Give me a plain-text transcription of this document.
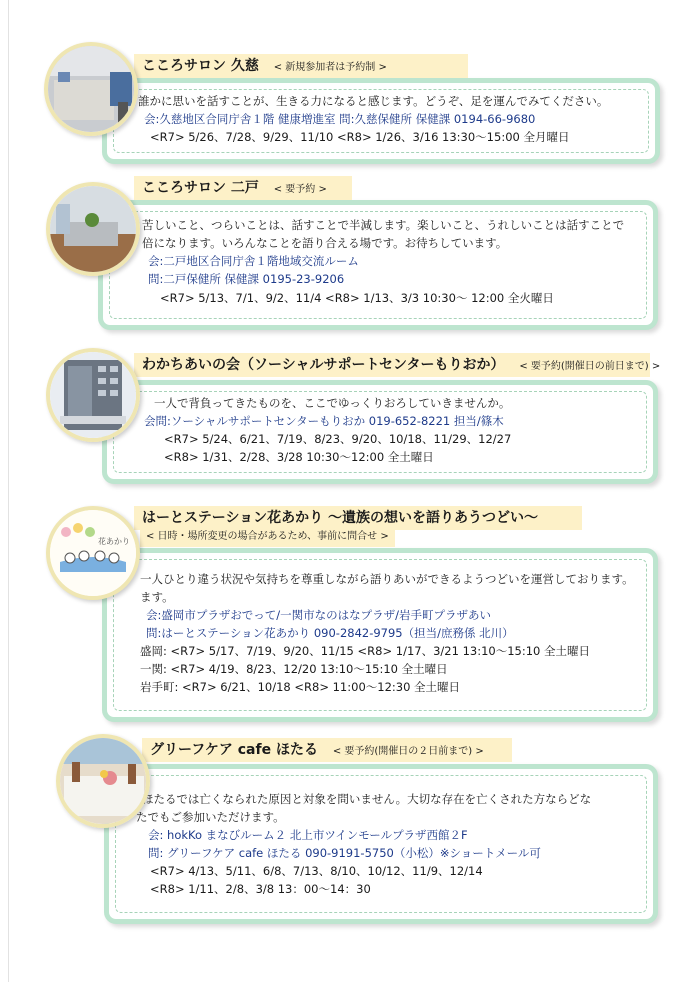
こころサロン 久慈 < 新規参加者は予約制 >
誰かに思いを話すことが、生きる力になると感じます。どうぞ、足を運んでみてください。
会:久慈地区合同庁舎１階 健康増進室 問:久慈保健所 保健課 0194-66-9680
<R7> 5/26、7/28、9/29、11/10 <R8> 1/26、3/16 13:30～15:00 全月曜日
こころサロン 二戸 < 要予約 >
苦しいこと、つらいことは、話すことで半減します。楽しいこと、うれしいことは話すことで
倍になります。いろんなことを語り合える場です。お待ちしています。
会:二戸地区合同庁舎１階地域交流ルーム
問:二戸保健所 保健課 0195-23-9206
<R7> 5/13、7/1、9/2、11/4 <R8> 1/13、3/3 10:30～ 12:00 全火曜日
わかちあいの会（ソーシャルサポートセンターもりおか） < 要予約(開催日の前日まで) >
一人で背負ってきたものを、ここでゆっくりおろしていきませんか。
会問:ソーシャルサポートセンターもりおか 019-652-8221 担当/篠木
<R7> 5/24、6/21、7/19、8/23、9/20、10/18、11/29、12/27
<R8> 1/31、2/28、3/28 10:30～12:00 全土曜日
はーとステーション花あかり ～遺族の想いを語りあうつどい～
< 日時・場所変更の場合があるため、事前に問合せ >
一人ひとり違う状況や気持ちを尊重しながら語りあいができるようつどいを運営しております。
ます。
会:盛岡市プラザおでって/一関市なのはなプラザ/岩手町プラザあい
問:はーとステーション花あかり 090-2842-9795（担当/庶務係 北川）
盛岡: <R7> 5/17、7/19、9/20、11/15 <R8> 1/17、3/21 13:10～15:10 全土曜日
一関: <R7> 4/19、8/23、12/20 13:10～15:10 全土曜日
岩手町: <R7> 6/21、10/18 <R8> 11:00～12:30 全土曜日
花あかり
グリーフケア cafe ほたる < 要予約(開催日の２日前まで) >
ほたるでは亡くなられた原因と対象を問いません。大切な存在を亡くされた方ならどな
たでもご参加いただけます。
会: hokKo まなびルーム２ 北上市ツインモールプラザ西館２F
問: グリーフケア cafe ほたる 090-9191-5750（小松）※ショートメール可
<R7> 4/13、5/11、6/8、7/13、8/10、10/12、11/9、12/14
<R8> 1/11、2/8、3/8 13：00～14：30
